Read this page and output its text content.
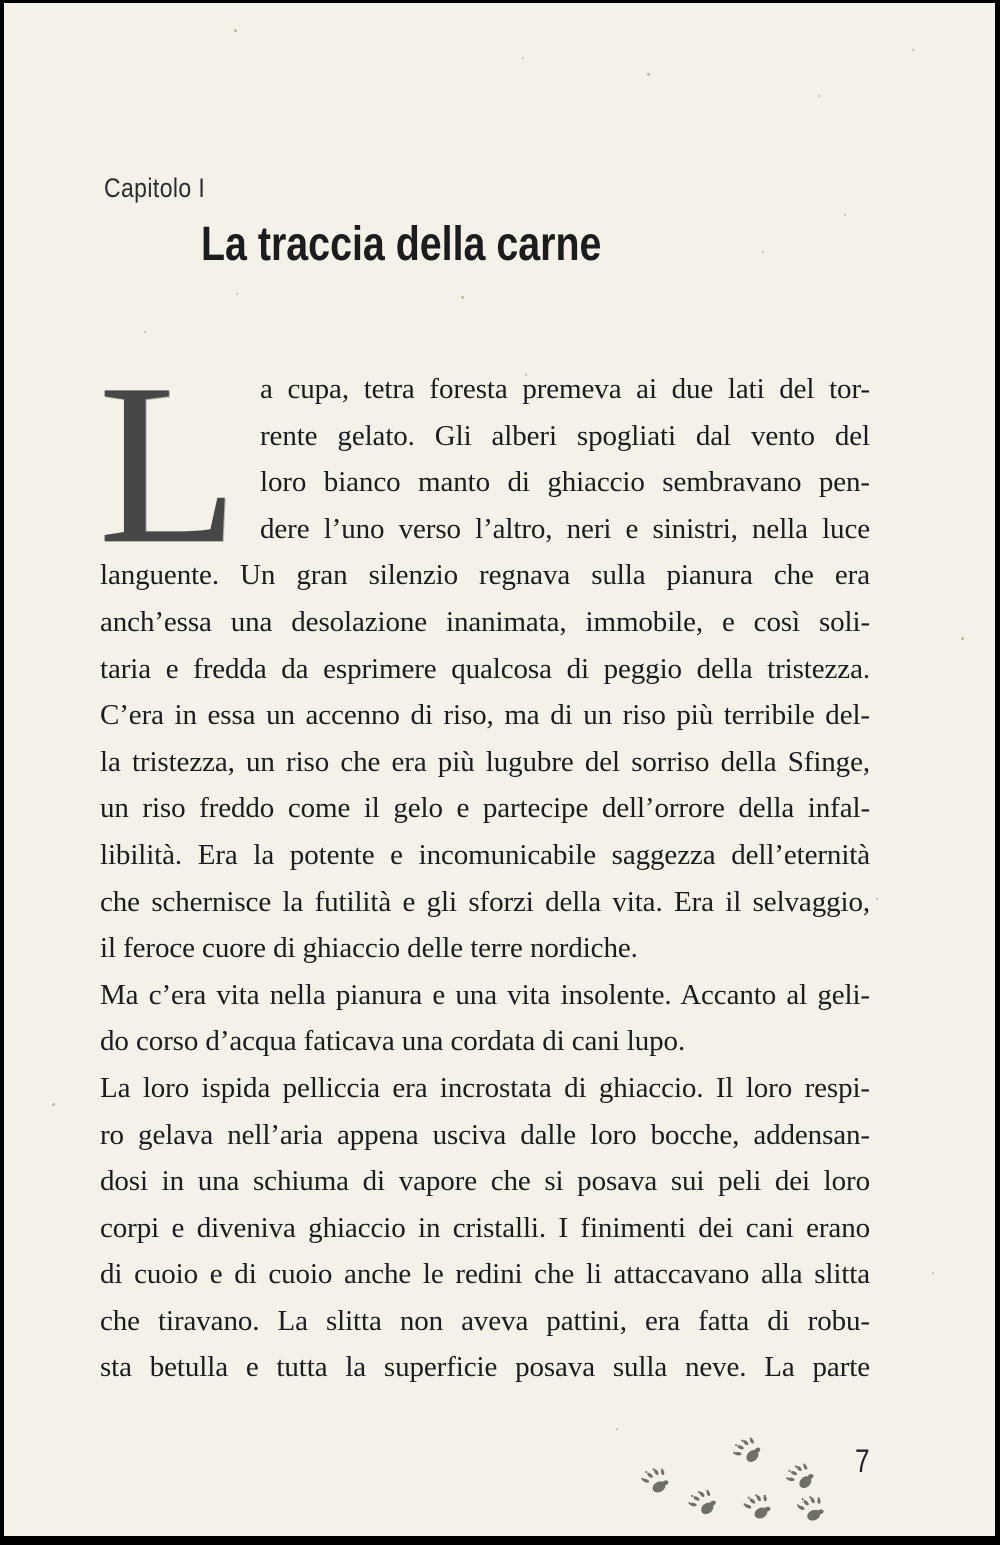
Capitolo I
La traccia della carne
L a cupa, tetra foresta premeva ai due lati del tor-
rente gelato. Gli alberi spogliati dal vento del
loro bianco manto di ghiaccio sembravano pen-
dere l’uno verso l’altro, neri e sinistri, nella luce
languente. Un gran silenzio regnava sulla pianura che era
anch’essa una desolazione inanimata, immobile, e così soli-
taria e fredda da esprimere qualcosa di peggio della tristezza.
C’era in essa un accenno di riso, ma di un riso più terribile del-
la tristezza, un riso che era più lugubre del sorriso della Sfinge,
un riso freddo come il gelo e partecipe dell’orrore della infal-
libilità. Era la potente e incomunicabile saggezza dell’eternità
che schernisce la futilità e gli sforzi della vita. Era il selvaggio,
il feroce cuore di ghiaccio delle terre nordiche.
Ma c’era vita nella pianura e una vita insolente. Accanto al geli-
do corso d’acqua faticava una cordata di cani lupo.
La loro ispida pelliccia era incrostata di ghiaccio. Il loro respi-
ro gelava nell’aria appena usciva dalle loro bocche, addensan-
dosi in una schiuma di vapore che si posava sui peli dei loro
corpi e diveniva ghiaccio in cristalli. I finimenti dei cani erano
di cuoio e di cuoio anche le redini che li attaccavano alla slitta
che tiravano. La slitta non aveva pattini, era fatta di robu-
sta betulla e tutta la superficie posava sulla neve. La parte
7
